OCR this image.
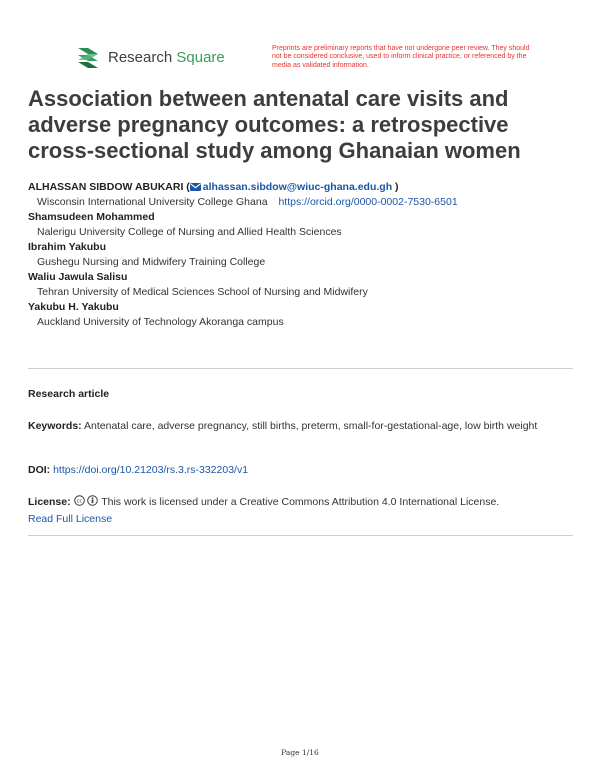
Research Square	Preprints are preliminary reports that have not undergone peer review. They should not be considered conclusive, used to inform clinical practice, or referenced by the media as validated information.
Association between antenatal care visits and adverse pregnancy outcomes: a retrospective cross-sectional study among Ghanaian women
ALHASSAN SIBDOW ABUKARI ( alhassan.sibdow@wiuc-ghana.edu.gh )
Wisconsin International University College Ghana https://orcid.org/0000-0002-7530-6501
Shamsudeen Mohammed
Nalerigu University College of Nursing and Allied Health Sciences
Ibrahim Yakubu
Gushegu Nursing and Midwifery Training College
Waliu Jawula Salisu
Tehran University of Medical Sciences School of Nursing and Midwifery
Yakubu H. Yakubu
Auckland University of Technology Akoranga campus
Research article
Keywords: Antenatal care, adverse pregnancy, still births, preterm, small-for-gestational-age, low birth weight
DOI: https://doi.org/10.21203/rs.3.rs-332203/v1
License: cc This work is licensed under a Creative Commons Attribution 4.0 International License.
Read Full License
Page 1/16
